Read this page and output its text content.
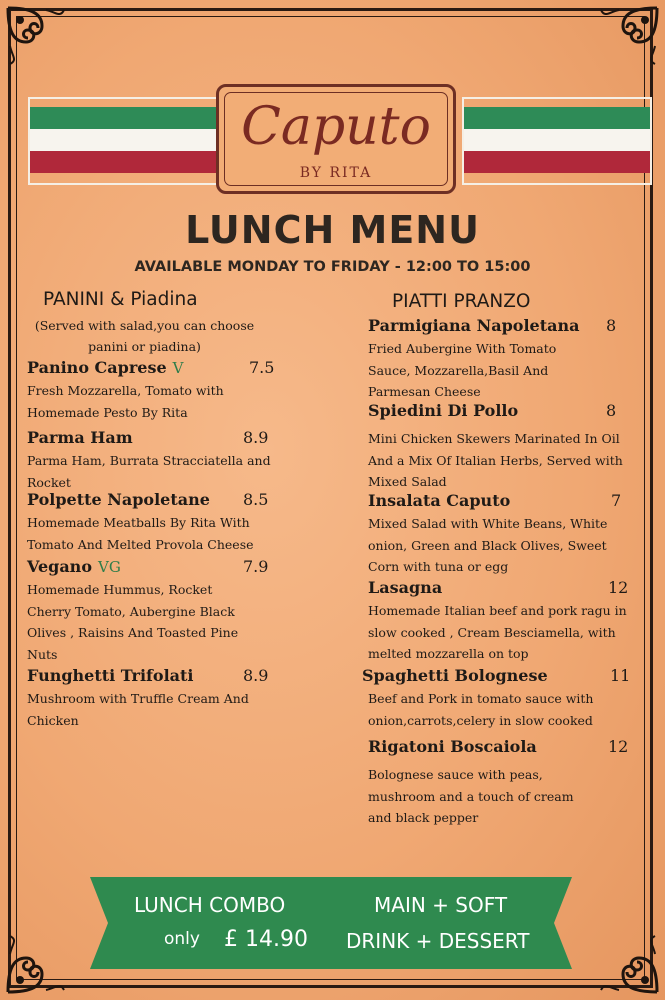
Caputo
BY RITA
LUNCH MENU
AVAILABLE MONDAY TO FRIDAY - 12:00 TO 15:00
PANINI & Piadina
(Served with salad,you can choose panini or piadina)
Panino Caprese V	7.5
Fresh Mozzarella, Tomato with Homemade Pesto By Rita
Parma Ham	8.9
Parma Ham, Burrata Stracciatella and Rocket
Polpette Napoletane 8.5
Homemade Meatballs By Rita With Tomato And Melted Provola Cheese
Vegano VG	7.9
Homemade Hummus, Rocket Cherry Tomato, Aubergine Black Olives , Raisins And Toasted Pine Nuts
Funghetti Trifolati	8.9
Mushroom with Truffle Cream And Chicken
PIATTI PRANZO
Parmigiana Napoletana 8
Fried Aubergine With Tomato Sauce, Mozzarella,Basil And Parmesan Cheese
Spiedini Di Pollo	8
Mini Chicken Skewers Marinated In Oil And a Mix Of Italian Herbs, Served with Mixed Salad
Insalata Caputo	7
Mixed Salad with White Beans, White onion, Green and Black Olives, Sweet Corn with tuna or egg
Lasagna	12
Homemade Italian beef and pork ragu in slow cooked , Cream Besciamella, with melted mozzarella on top
Spaghetti Bolognese	11
Beef and Pork in tomato sauce with onion,carrots,celery in slow cooked
Rigatoni Boscaiola	12
Bolognese sauce with peas, mushroom and a touch of cream and black pepper
LUNCH COMBO
only £ 14.90
MAIN + SOFT
DRINK + DESSERT
